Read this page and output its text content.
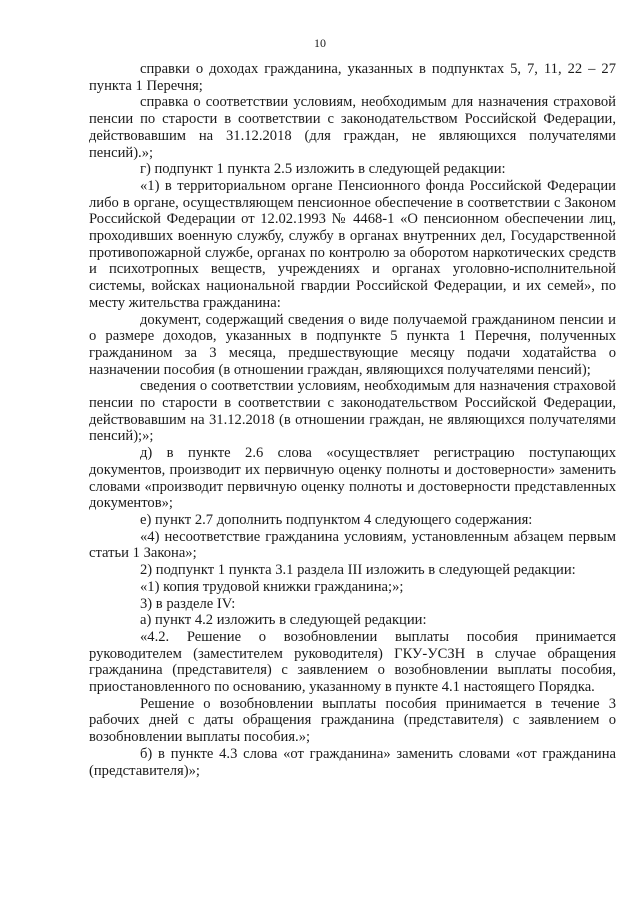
10

справки о доходах гражданина, указанных в подпунктах 5, 7, 11, 22 – 27 пункта 1 Перечня;

справка о соответствии условиям, необходимым для назначения страховой пенсии по старости в соответствии с законодательством Российской Федерации, действовавшим на 31.12.2018 (для граждан, не являющихся получателями пенсий).»;

г) подпункт 1 пункта 2.5 изложить в следующей редакции:

«1) в территориальном органе Пенсионного фонда Российской Федерации либо в органе, осуществляющем пенсионное обеспечение в соответствии с Законом Российской Федерации от 12.02.1993 № 4468-1 «О пенсионном обеспечении лиц, проходивших военную службу, службу в органах внутренних дел, Государственной противопожарной службе, органах по контролю за оборотом наркотических средств и психотропных веществ, учреждениях и органах уголовно-исполнительной системы, войсках национальной гвардии Российской Федерации, и их семей», по месту жительства гражданина:

документ, содержащий сведения о виде получаемой гражданином пенсии и о размере доходов, указанных в подпункте 5 пункта 1 Перечня, полученных гражданином за 3 месяца, предшествующие месяцу подачи ходатайства о назначении пособия (в отношении граждан, являющихся получателями пенсий);

сведения о соответствии условиям, необходимым для назначения страховой пенсии по старости в соответствии с законодательством Российской Федерации, действовавшим на 31.12.2018 (в отношении граждан, не являющихся получателями пенсий);»;

д) в пункте 2.6 слова «осуществляет регистрацию поступающих документов, производит их первичную оценку полноты и достоверности» заменить словами «производит первичную оценку полноты и достоверности представленных документов»;

е) пункт 2.7 дополнить подпунктом 4 следующего содержания:

«4) несоответствие гражданина условиям, установленным абзацем первым статьи 1 Закона»;

2) подпункт 1 пункта 3.1 раздела III изложить в следующей редакции:

«1) копия трудовой книжки гражданина;»;

3) в разделе IV:

а) пункт 4.2 изложить в следующей редакции:

«4.2. Решение о возобновлении выплаты пособия принимается руководителем (заместителем руководителя) ГКУ-УСЗН в случае обращения гражданина (представителя) с заявлением о возобновлении выплаты пособия, приостановленного по основанию, указанному в пункте 4.1 настоящего Порядка.

Решение о возобновлении выплаты пособия принимается в течение 3 рабочих дней с даты обращения гражданина (представителя) с заявлением о возобновлении выплаты пособия.»;

б) в пункте 4.3 слова «от гражданина» заменить словами «от гражданина (представителя)»;
